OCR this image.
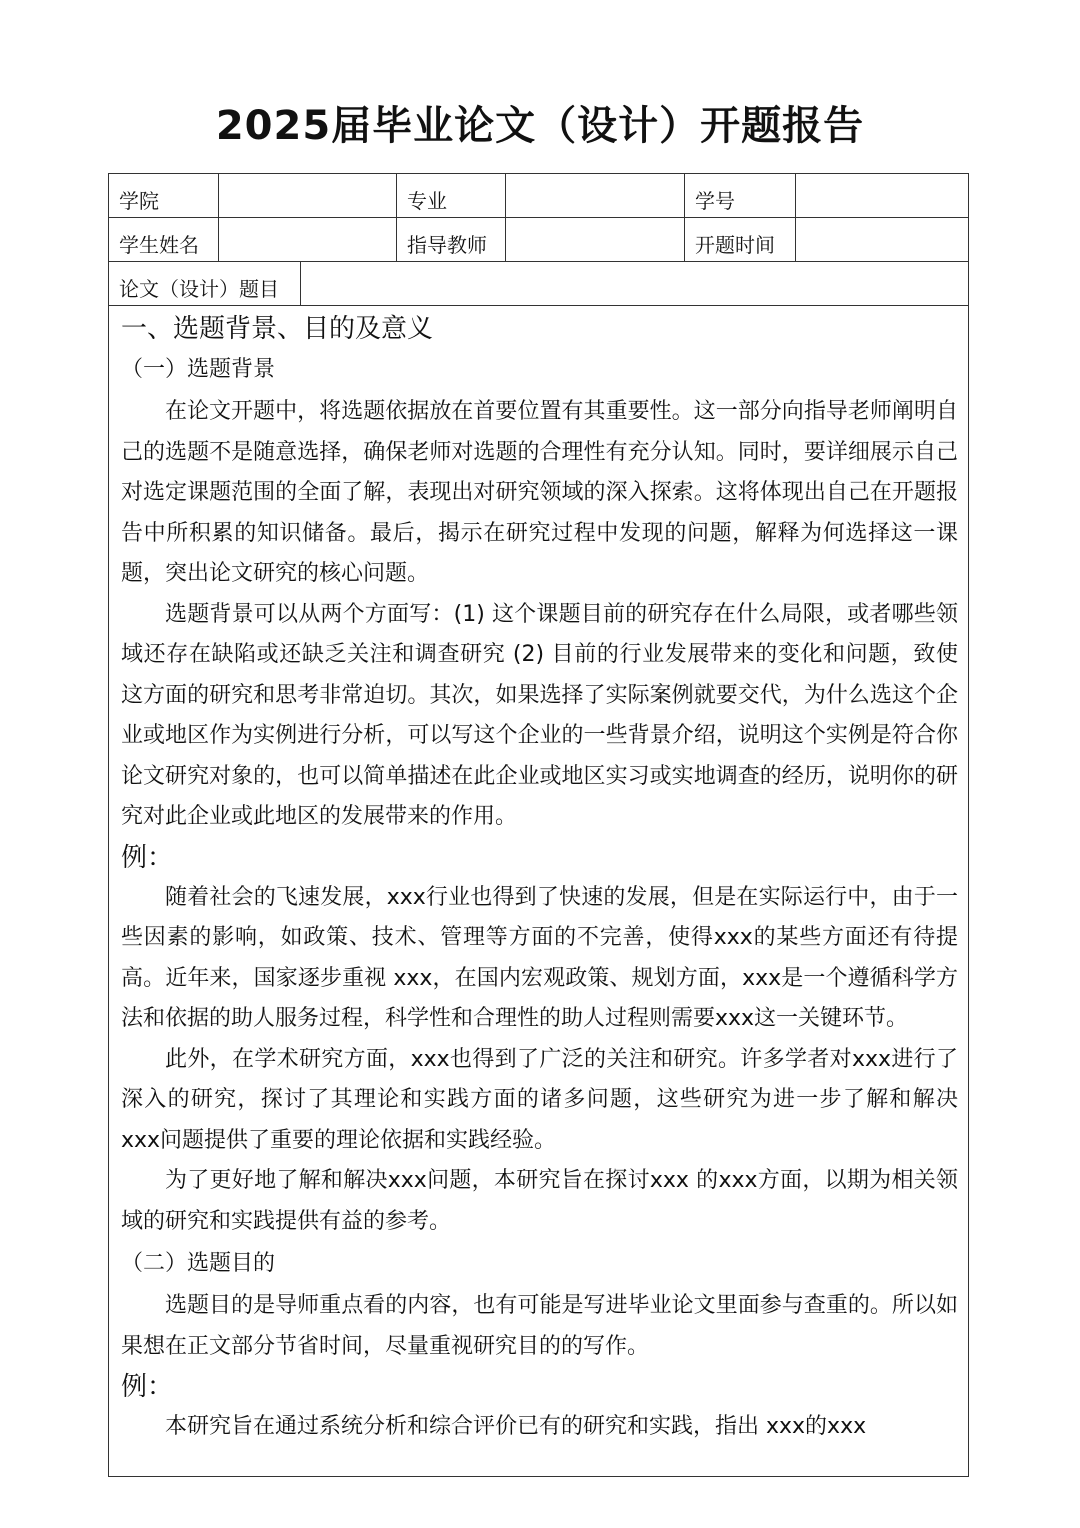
2025届毕业论文（设计）开题报告
学院	专业	学号
学生姓名	指导教师	开题时间
论文（设计）题目
一、选题背景、目的及意义
（一）选题背景

在论文开题中，将选题依据放在首要位置有其重要性。这一部分向指导老师阐明自己的选题不是随意选择，确保老师对选题的合理性有充分认知。同时，要详细展示自己对选定课题范围的全面了解，表现出对研究领域的深入探索。这将体现出自己在开题报告中所积累的知识储备。最后，揭示在研究过程中发现的问题，解释为何选择这一课题，突出论文研究的核心问题。

选题背景可以从两个方面写：(1) 这个课题目前的研究存在什么局限，或者哪些领域还存在缺陷或还缺乏关注和调查研究 (2) 目前的行业发展带来的变化和问题，致使这方面的研究和思考非常迫切。其次，如果选择了实际案例就要交代，为什么选这个企业或地区作为实例进行分析，可以写这个企业的一些背景介绍，说明这个实例是符合你论文研究对象的，也可以简单描述在此企业或地区实习或实地调查的经历，说明你的研究对此企业或此地区的发展带来的作用。

例：

随着社会的飞速发展，xxx行业也得到了快速的发展，但是在实际运行中，由于一些因素的影响，如政策、技术、管理等方面的不完善，使得xxx的某些方面还有待提高。近年来，国家逐步重视 xxx，在国内宏观政策、规划方面，xxx是一个遵循科学方法和依据的助人服务过程，科学性和合理性的助人过程则需要xxx这一关键环节。

此外，在学术研究方面，xxx也得到了广泛的关注和研究。许多学者对xxx进行了深入的研究，探讨了其理论和实践方面的诸多问题，这些研究为进一步了解和解决 xxx问题提供了重要的理论依据和实践经验。

为了更好地了解和解决xxx问题，本研究旨在探讨xxx 的xxx方面，以期为相关领域的研究和实践提供有益的参考。

（二）选题目的

选题目的是导师重点看的内容，也有可能是写进毕业论文里面参与查重的。所以如果想在正文部分节省时间，尽量重视研究目的的写作。

例：

本研究旨在通过系统分析和综合评价已有的研究和实践，指出 xxx的xxx
